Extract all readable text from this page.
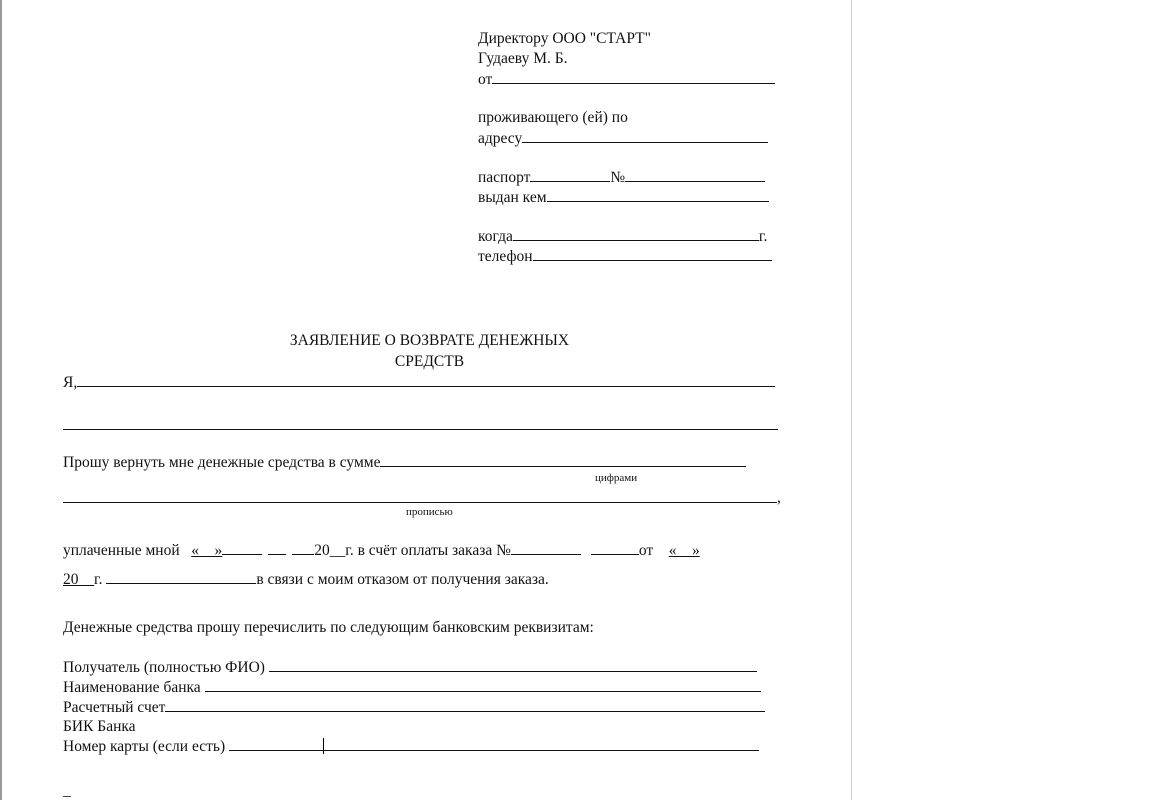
Директору ООО "СТАРТ"
Гудаеву М. Б.
от
проживающего (ей) по
адресу
паспорт	№
выдан кем
когда	г.
телефон
ЗАЯВЛЕНИЕ О ВОЗВРАТЕ ДЕНЕЖНЫХ
СРЕДСТВ
Я,
Прошу вернуть мне денежные средства в сумме
цифрами
,
прописью
уплаченные мной «__»	20__г. в счёт оплаты заказа №	от «__»
20__г.	в связи с моим отказом от получения заказа.
Денежные средства прошу перечислить по следующим банковским реквизитам:
Получатель (полностью ФИО)
Наименование банка
Расчетный счет
БИК Банка
Номер карты (если есть)
_
